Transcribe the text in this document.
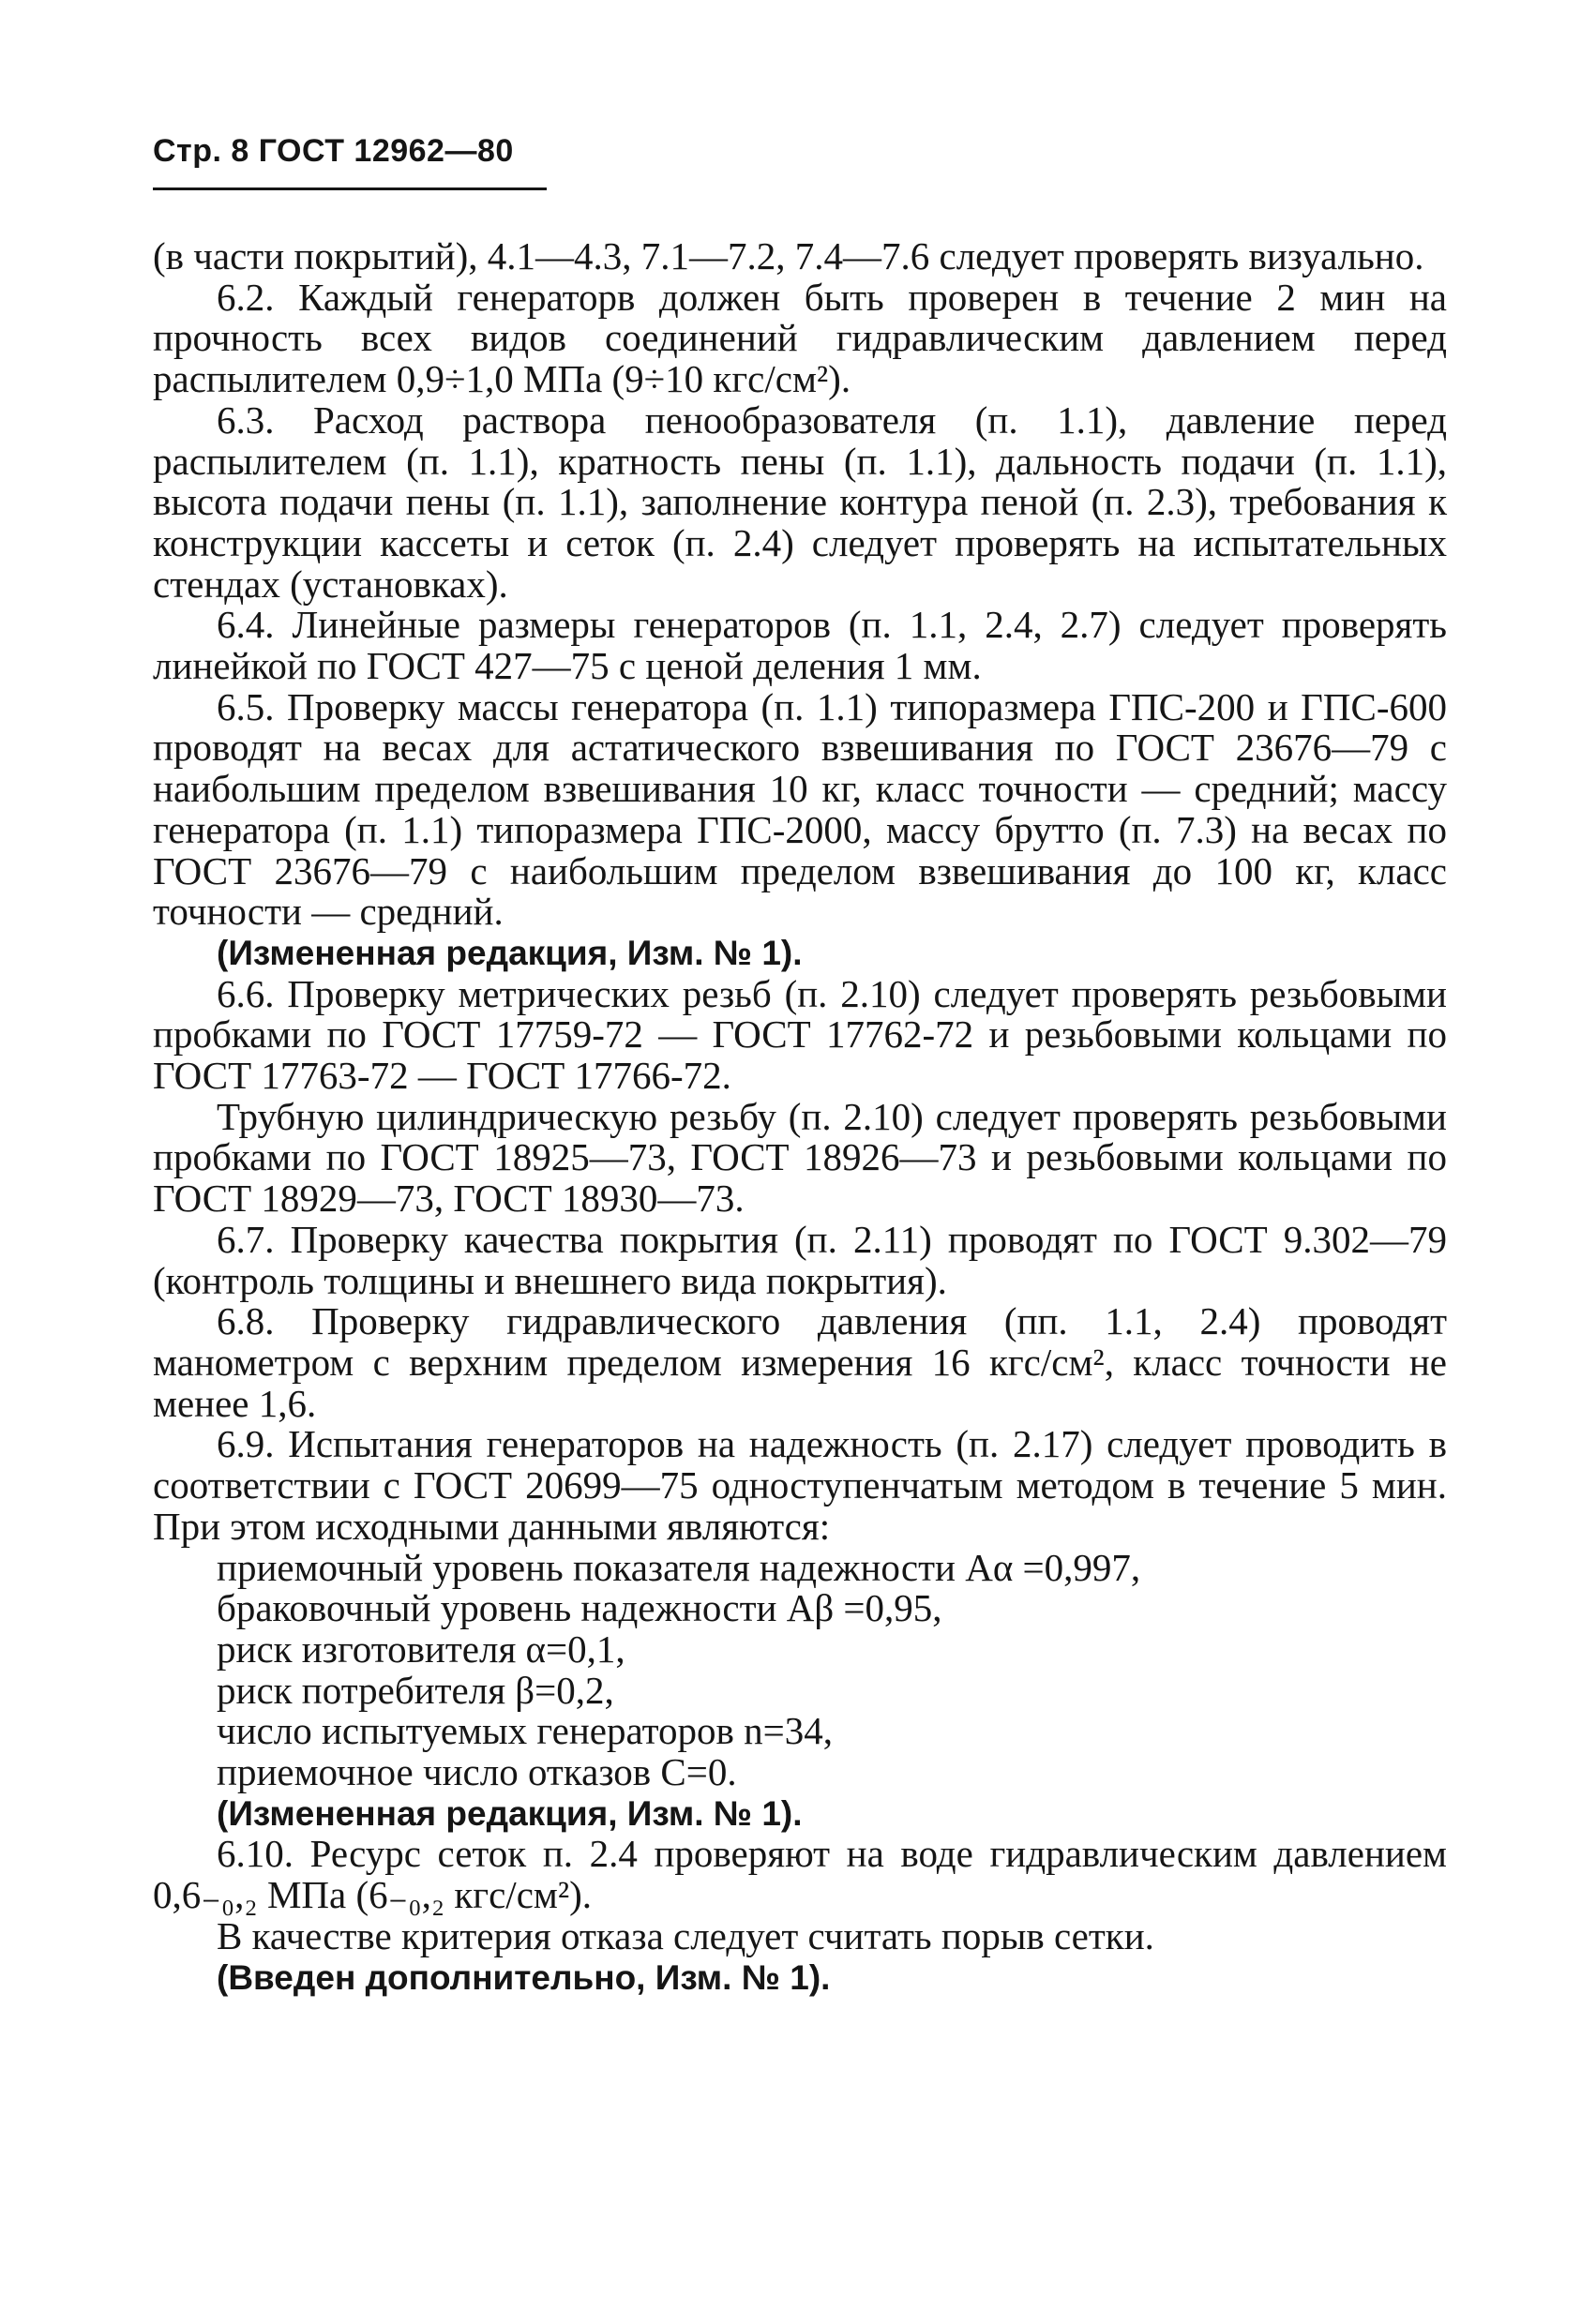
Стр. 8 ГОСТ 12962—80

(в части покрытий), 4.1—4.3, 7.1—7.2, 7.4—7.6 следует проверять визуально.

6.2. Каждый генераторв должен быть проверен в течение 2 мин на прочность всех видов соединений гидравлическим давлением перед распылителем 0,9÷1,0 МПа (9÷10 кгс/см²).

6.3. Расход раствора пенообразователя (п. 1.1), давление перед распылителем (п. 1.1), кратность пены (п. 1.1), дальность подачи (п. 1.1), высота подачи пены (п. 1.1), заполнение контура пеной (п. 2.3), требования к конструкции кассеты и сеток (п. 2.4) следует проверять на испытательных стендах (установках).

6.4. Линейные размеры генераторов (п. 1.1, 2.4, 2.7) следует проверять линейкой по ГОСТ 427—75 с ценой деления 1 мм.

6.5. Проверку массы генератора (п. 1.1) типоразмера ГПС-200 и ГПС-600 проводят на весах для астатического взвешивания по ГОСТ 23676—79 с наибольшим пределом взвешивания 10 кг, класс точности — средний; массу генератора (п. 1.1) типоразмера ГПС-2000, массу брутто (п. 7.3) на весах по ГОСТ 23676—79 с наибольшим пределом взвешивания до 100 кг, класс точности — средний.

(Измененная редакция, Изм. № 1).

6.6. Проверку метрических резьб (п. 2.10) следует проверять резьбовыми пробками по ГОСТ 17759-72 — ГОСТ 17762-72 и резьбовыми кольцами по ГОСТ 17763-72 — ГОСТ 17766-72.

Трубную цилиндрическую резьбу (п. 2.10) следует проверять резьбовыми пробками по ГОСТ 18925—73, ГОСТ 18926—73 и резьбовыми кольцами по ГОСТ 18929—73, ГОСТ 18930—73.

6.7. Проверку качества покрытия (п. 2.11) проводят по ГОСТ 9.302—79 (контроль толщины и внешнего вида покрытия).

6.8. Проверку гидравлического давления (пп. 1.1, 2.4) проводят манометром с верхним пределом измерения 16 кгс/см², класс точности не менее 1,6.

6.9. Испытания генераторов на надежность (п. 2.17) следует проводить в соответствии с ГОСТ 20699—75 одноступенчатым методом в течение 5 мин. При этом исходными данными являются:

приемочный уровень показателя надежности Aα =0,997,
браковочный уровень надежности Aβ =0,95,
риск изготовителя α=0,1,
риск потребителя β=0,2,
число испытуемых генераторов n=34,
приемочное число отказов C=0.

(Измененная редакция, Изм. № 1).

6.10. Ресурс сеток п. 2.4 проверяют на воде гидравлическим давлением 0,6₋₀,₂ МПа (6₋₀,₂ кгс/см²).

В качестве критерия отказа следует считать порыв сетки.

(Введен дополнительно, Изм. № 1).
